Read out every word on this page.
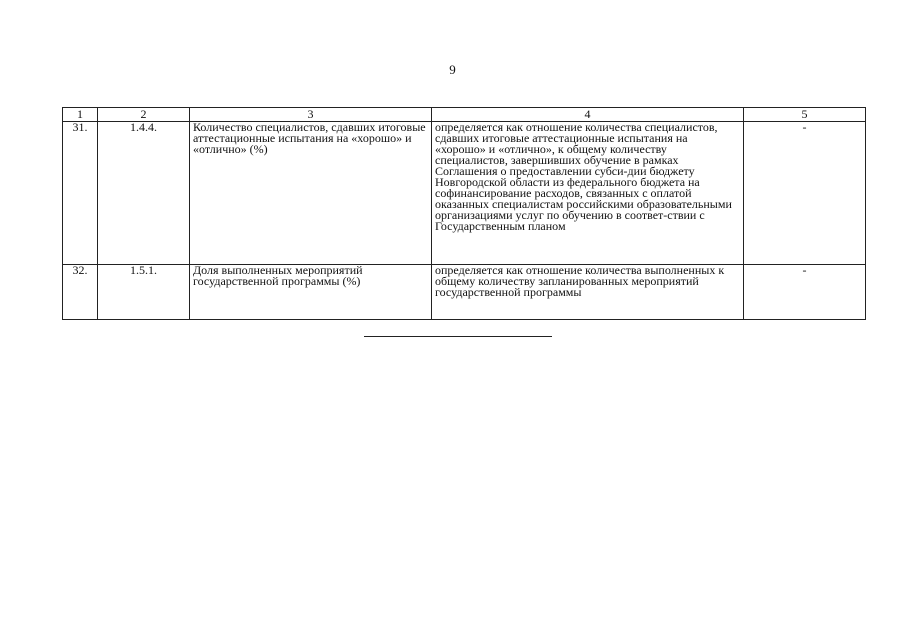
9
1	2	3	4	5
31.	1.4.4.	Количество специалистов, сдавших итоговые аттестационные испытания на «хорошо» и «отлично» (%)	определяется как отношение количества специалистов, сдавших итоговые аттестационные испытания на «хорошо» и «отлично», к общему количеству специалистов, завершивших обучение в рамках Соглашения о предоставлении субси-дии бюджету Новгородской области из федерального бюджета на софинансирование расходов, связанных с оплатой оказанных специалистам российскими образовательными организациями услуг по обучению в соответ-ствии с Государственным планом	-
32.	1.5.1.	Доля выполненных мероприятий государственной программы (%)	определяется как отношение количества выполненных к общему количеству запланированных мероприятий государственной программы	-
